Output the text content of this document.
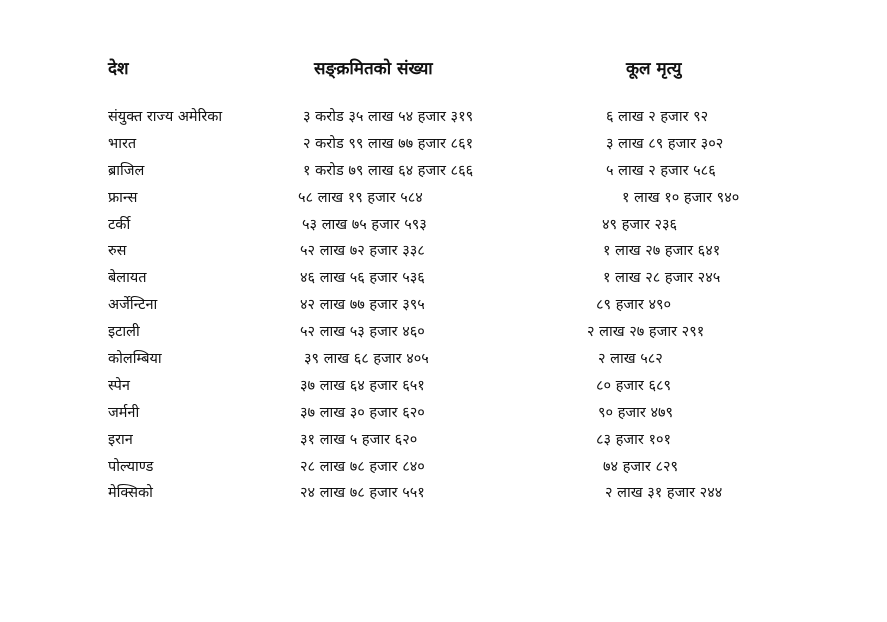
देश	सङ्क्रमितको संख्या	कूल मृत्यु
संयुक्त राज्य अमेरिका	३ करोड ३५ लाख ५४ हजार ३१९	६ लाख २ हजार ९२
भारत	२ करोड ९९ लाख ७७ हजार ८६१	३ लाख ८९ हजार ३०२
ब्राजिल	१ करोड ७९ लाख ६४ हजार ८६६	५ लाख २ हजार ५८६
फ्रान्स	५८ लाख १९ हजार ५८४	१ लाख १० हजार ९४०
टर्की	५३ लाख ७५ हजार ५९३	४९ हजार २३६
रुस	५२ लाख ७२ हजार ३३८	१ लाख २७ हजार ६४१
बेलायत	४६ लाख ५६ हजार ५३६	१ लाख २८ हजार २४५
अर्जेन्टिना	४२ लाख ७७ हजार ३९५	८९ हजार ४९०
इटाली	५२ लाख ५३ हजार ४६०	२ लाख २७ हजार २९१
कोलम्बिया	३९ लाख ६८ हजार ४०५	२ लाख ५८२
स्पेन	३७ लाख ६४ हजार ६५१	८० हजार ६८९
जर्मनी	३७ लाख ३० हजार ६२०	९० हजार ४७९
इरान	३१ लाख ५ हजार ६२०	८३ हजार १०१
पोल्याण्ड	२८ लाख ७८ हजार ८४०	७४ हजार ८२९
मेक्सिको	२४ लाख ७८ हजार ५५१	२ लाख ३१ हजार २४४
